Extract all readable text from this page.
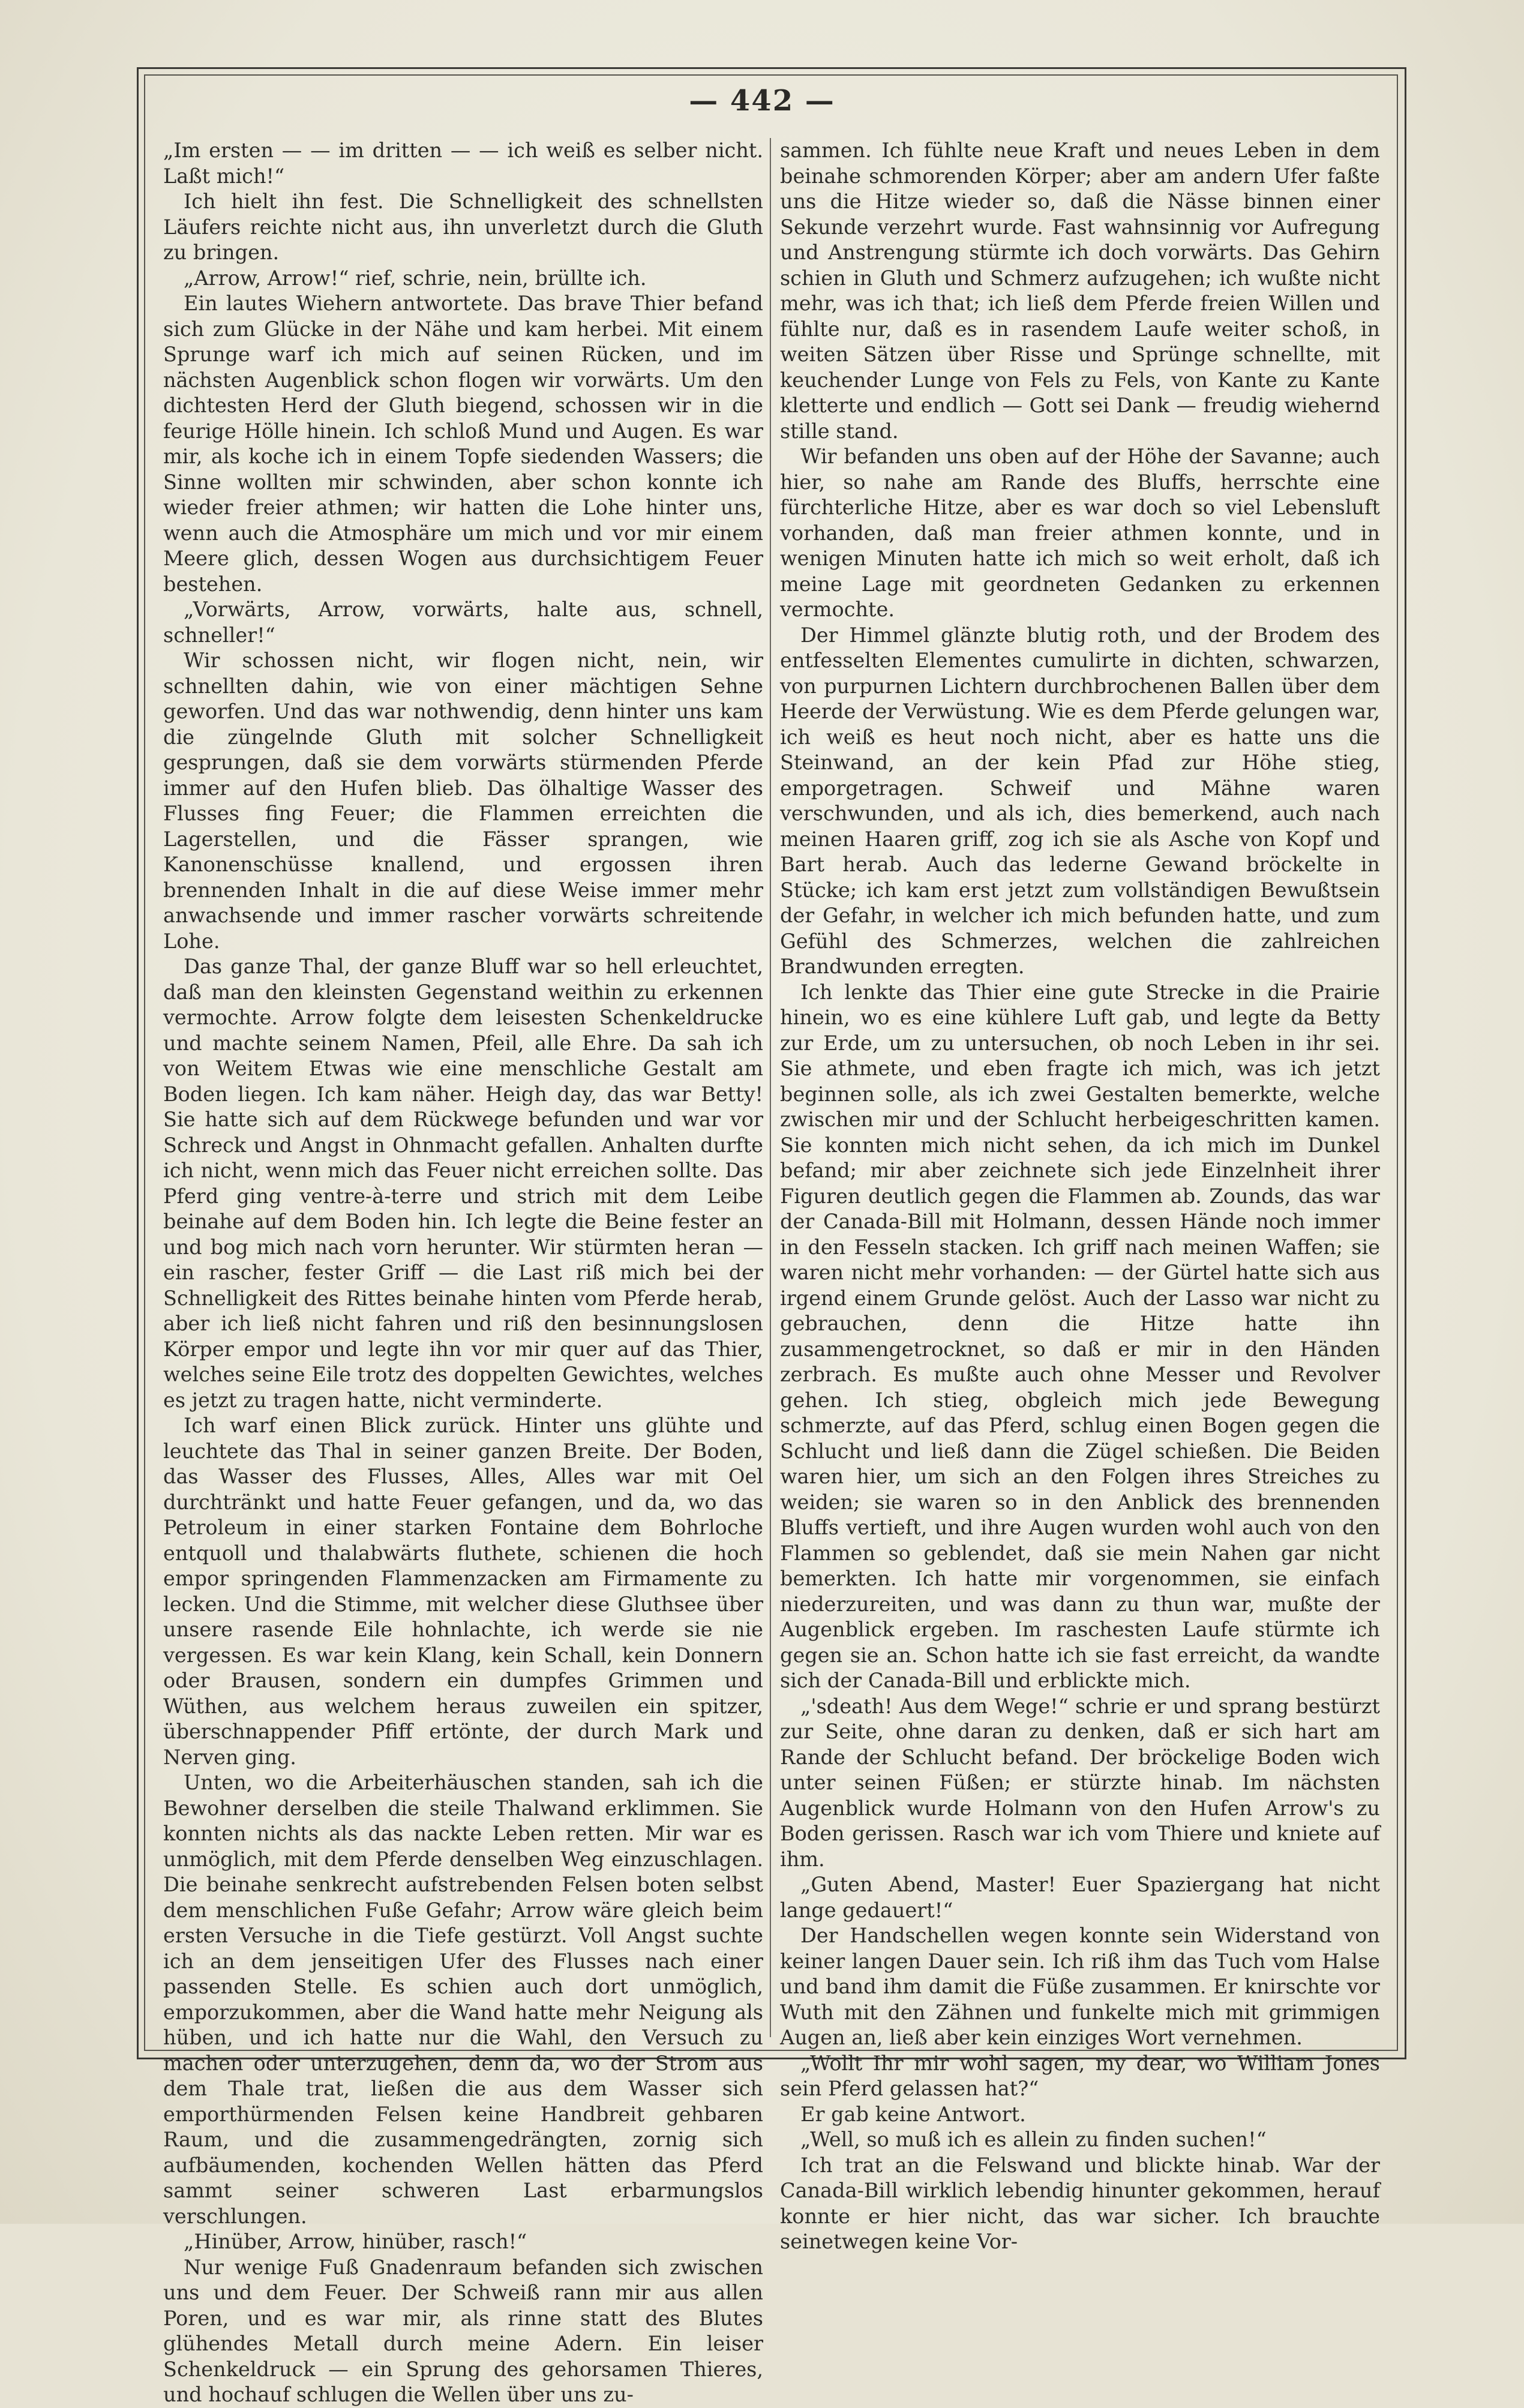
— 442 —

„Im ersten — — im dritten — — ich weiß es selber nicht. Laßt mich!“

Ich hielt ihn fest. Die Schnelligkeit des schnellsten Läufers reichte nicht aus, ihn unverletzt durch die Gluth zu bringen.

„Arrow, Arrow!“ rief, schrie, nein, brüllte ich.

Ein lautes Wiehern antwortete. Das brave Thier befand sich zum Glücke in der Nähe und kam herbei. Mit einem Sprunge warf ich mich auf seinen Rücken, und im nächsten Augenblick schon flogen wir vorwärts. Um den dichtesten Herd der Gluth biegend, schossen wir in die feurige Hölle hinein. Ich schloß Mund und Augen. Es war mir, als koche ich in einem Topfe siedenden Wassers; die Sinne wollten mir schwinden, aber schon konnte ich wieder freier athmen; wir hatten die Lohe hinter uns, wenn auch die Atmosphäre um mich und vor mir einem Meere glich, dessen Wogen aus durchsichtigem Feuer bestehen.

„Vorwärts, Arrow, vorwärts, halte aus, schnell, schneller!“

Wir schossen nicht, wir flogen nicht, nein, wir schnellten dahin, wie von einer mächtigen Sehne geworfen. Und das war nothwendig, denn hinter uns kam die züngelnde Gluth mit solcher Schnelligkeit gesprungen, daß sie dem vorwärts stürmenden Pferde immer auf den Hufen blieb. Das ölhaltige Wasser des Flusses fing Feuer; die Flammen erreichten die Lagerstellen, und die Fässer sprangen, wie Kanonenschüsse knallend, und ergossen ihren brennenden Inhalt in die auf diese Weise immer mehr anwachsende und immer rascher vorwärts schreitende Lohe.

Das ganze Thal, der ganze Bluff war so hell erleuchtet, daß man den kleinsten Gegenstand weithin zu erkennen vermochte. Arrow folgte dem leisesten Schenkeldrucke und machte seinem Namen, Pfeil, alle Ehre. Da sah ich von Weitem Etwas wie eine menschliche Gestalt am Boden liegen. Ich kam näher. Heigh day, das war Betty! Sie hatte sich auf dem Rückwege befunden und war vor Schreck und Angst in Ohnmacht gefallen. Anhalten durfte ich nicht, wenn mich das Feuer nicht erreichen sollte. Das Pferd ging ventre-à-terre und strich mit dem Leibe beinahe auf dem Boden hin. Ich legte die Beine fester an und bog mich nach vorn herunter. Wir stürmten heran — ein rascher, fester Griff — die Last riß mich bei der Schnelligkeit des Rittes beinahe hinten vom Pferde herab, aber ich ließ nicht fahren und riß den besinnungslosen Körper empor und legte ihn vor mir quer auf das Thier, welches seine Eile trotz des doppelten Gewichtes, welches es jetzt zu tragen hatte, nicht verminderte.

Ich warf einen Blick zurück. Hinter uns glühte und leuchtete das Thal in seiner ganzen Breite. Der Boden, das Wasser des Flusses, Alles, Alles war mit Oel durchtränkt und hatte Feuer gefangen, und da, wo das Petroleum in einer starken Fontaine dem Bohrloche entquoll und thalabwärts fluthete, schienen die hoch empor springenden Flammenzacken am Firmamente zu lecken. Und die Stimme, mit welcher diese Gluthsee über unsere rasende Eile hohnlachte, ich werde sie nie vergessen. Es war kein Klang, kein Schall, kein Donnern oder Brausen, sondern ein dumpfes Grimmen und Wüthen, aus welchem heraus zuweilen ein spitzer, überschnappender Pfiff ertönte, der durch Mark und Nerven ging.

Unten, wo die Arbeiterhäuschen standen, sah ich die Bewohner derselben die steile Thalwand erklimmen. Sie konnten nichts als das nackte Leben retten. Mir war es unmöglich, mit dem Pferde denselben Weg einzuschlagen. Die beinahe senkrecht aufstrebenden Felsen boten selbst dem menschlichen Fuße Gefahr; Arrow wäre gleich beim ersten Versuche in die Tiefe gestürzt. Voll Angst suchte ich an dem jenseitigen Ufer des Flusses nach einer passenden Stelle. Es schien auch dort unmöglich, emporzukommen, aber die Wand hatte mehr Neigung als hüben, und ich hatte nur die Wahl, den Versuch zu machen oder unterzugehen, denn da, wo der Strom aus dem Thale trat, ließen die aus dem Wasser sich emporthürmenden Felsen keine Handbreit gehbaren Raum, und die zusammengedrängten, zornig sich aufbäumenden, kochenden Wellen hätten das Pferd sammt seiner schweren Last erbarmungslos verschlungen.

„Hinüber, Arrow, hinüber, rasch!“

Nur wenige Fuß Gnadenraum befanden sich zwischen uns und dem Feuer. Der Schweiß rann mir aus allen Poren, und es war mir, als rinne statt des Blutes glühendes Metall durch meine Adern. Ein leiser Schenkeldruck — ein Sprung des gehorsamen Thieres, und hochauf schlugen die Wellen über uns zu-

sammen. Ich fühlte neue Kraft und neues Leben in dem beinahe schmorenden Körper; aber am andern Ufer faßte uns die Hitze wieder so, daß die Nässe binnen einer Sekunde verzehrt wurde. Fast wahnsinnig vor Aufregung und Anstrengung stürmte ich doch vorwärts. Das Gehirn schien in Gluth und Schmerz aufzugehen; ich wußte nicht mehr, was ich that; ich ließ dem Pferde freien Willen und fühlte nur, daß es in rasendem Laufe weiter schoß, in weiten Sätzen über Risse und Sprünge schnellte, mit keuchender Lunge von Fels zu Fels, von Kante zu Kante kletterte und endlich — Gott sei Dank — freudig wiehernd stille stand.

Wir befanden uns oben auf der Höhe der Savanne; auch hier, so nahe am Rande des Bluffs, herrschte eine fürchterliche Hitze, aber es war doch so viel Lebensluft vorhanden, daß man freier athmen konnte, und in wenigen Minuten hatte ich mich so weit erholt, daß ich meine Lage mit geordneten Gedanken zu erkennen vermochte.

Der Himmel glänzte blutig roth, und der Brodem des entfesselten Elementes cumulirte in dichten, schwarzen, von purpurnen Lichtern durchbrochenen Ballen über dem Heerde der Verwüstung. Wie es dem Pferde gelungen war, ich weiß es heut noch nicht, aber es hatte uns die Steinwand, an der kein Pfad zur Höhe stieg, emporgetragen. Schweif und Mähne waren verschwunden, und als ich, dies bemerkend, auch nach meinen Haaren griff, zog ich sie als Asche von Kopf und Bart herab. Auch das lederne Gewand bröckelte in Stücke; ich kam erst jetzt zum vollständigen Bewußtsein der Gefahr, in welcher ich mich befunden hatte, und zum Gefühl des Schmerzes, welchen die zahlreichen Brandwunden erregten.

Ich lenkte das Thier eine gute Strecke in die Prairie hinein, wo es eine kühlere Luft gab, und legte da Betty zur Erde, um zu untersuchen, ob noch Leben in ihr sei. Sie athmete, und eben fragte ich mich, was ich jetzt beginnen solle, als ich zwei Gestalten bemerkte, welche zwischen mir und der Schlucht herbeigeschritten kamen. Sie konnten mich nicht sehen, da ich mich im Dunkel befand; mir aber zeichnete sich jede Einzelnheit ihrer Figuren deutlich gegen die Flammen ab. Zounds, das war der Canada-Bill mit Holmann, dessen Hände noch immer in den Fesseln stacken. Ich griff nach meinen Waffen; sie waren nicht mehr vorhanden: — der Gürtel hatte sich aus irgend einem Grunde gelöst. Auch der Lasso war nicht zu gebrauchen, denn die Hitze hatte ihn zusammengetrocknet, so daß er mir in den Händen zerbrach. Es mußte auch ohne Messer und Revolver gehen. Ich stieg, obgleich mich jede Bewegung schmerzte, auf das Pferd, schlug einen Bogen gegen die Schlucht und ließ dann die Zügel schießen. Die Beiden waren hier, um sich an den Folgen ihres Streiches zu weiden; sie waren so in den Anblick des brennenden Bluffs vertieft, und ihre Augen wurden wohl auch von den Flammen so geblendet, daß sie mein Nahen gar nicht bemerkten. Ich hatte mir vorgenommen, sie einfach niederzureiten, und was dann zu thun war, mußte der Augenblick ergeben. Im raschesten Laufe stürmte ich gegen sie an. Schon hatte ich sie fast erreicht, da wandte sich der Canada-Bill und erblickte mich.

„'sdeath! Aus dem Wege!“ schrie er und sprang bestürzt zur Seite, ohne daran zu denken, daß er sich hart am Rande der Schlucht befand. Der bröckelige Boden wich unter seinen Füßen; er stürzte hinab. Im nächsten Augenblick wurde Holmann von den Hufen Arrow's zu Boden gerissen. Rasch war ich vom Thiere und kniete auf ihm.

„Guten Abend, Master! Euer Spaziergang hat nicht lange gedauert!“

Der Handschellen wegen konnte sein Widerstand von keiner langen Dauer sein. Ich riß ihm das Tuch vom Halse und band ihm damit die Füße zusammen. Er knirschte vor Wuth mit den Zähnen und funkelte mich mit grimmigen Augen an, ließ aber kein einziges Wort vernehmen.

„Wollt Ihr mir wohl sagen, my dear, wo William Jones sein Pferd gelassen hat?“

Er gab keine Antwort.

„Well, so muß ich es allein zu finden suchen!“

Ich trat an die Felswand und blickte hinab. War der Canada-Bill wirklich lebendig hinunter gekommen, herauf konnte er hier nicht, das war sicher. Ich brauchte seinetwegen keine Vor-
